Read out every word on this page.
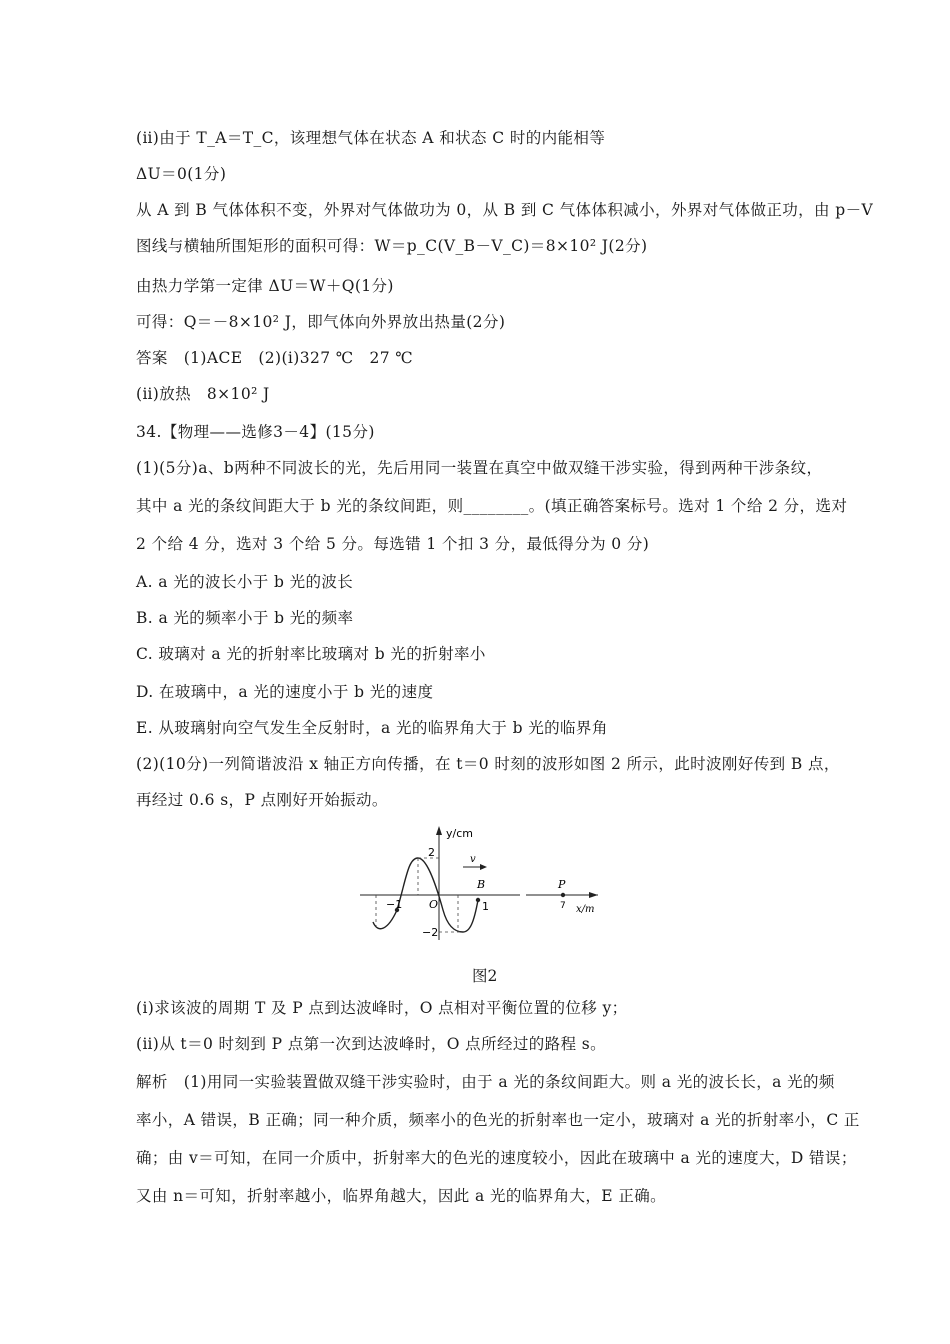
(ⅱ)由于 T_A＝T_C，该理想气体在状态 A 和状态 C 时的内能相等
ΔU＝0(1分)
从 A 到 B 气体体积不变，外界对气体做功为 0，从 B 到 C 气体体积减小，外界对气体做正功，由 p－V
图线与横轴所围矩形的面积可得：W＝p_C(V_B－V_C)＝8×10² J(2分)
由热力学第一定律 ΔU＝W＋Q(1分)
可得：Q＝－8×10² J，即气体向外界放出热量(2分)
答案　(1)ACE　(2)(ⅰ)327 ℃　27 ℃
(ⅱ)放热　8×10² J
34.【物理——选修3－4】(15分)
(1)(5分)a、b两种不同波长的光，先后用同一装置在真空中做双缝干涉实验，得到两种干涉条纹，
其中 a 光的条纹间距大于 b 光的条纹间距，则________。(填正确答案标号。选对 1 个给 2 分，选对
2 个给 4 分，选对 3 个给 5 分。每选错 1 个扣 3 分，最低得分为 0 分)
A. a 光的波长小于 b 光的波长
B. a 光的频率小于 b 光的频率
C. 玻璃对 a 光的折射率比玻璃对 b 光的折射率小
D. 在玻璃中，a 光的速度小于 b 光的速度
E. 从玻璃射向空气发生全反射时，a 光的临界角大于 b 光的临界角
(2)(10分)一列简谐波沿 x 轴正方向传播，在 t＝0 时刻的波形如图 2 所示，此时波刚好传到 B 点，
再经过 0.6 s，P 点刚好开始振动。
y/cm
2
−2
−1 O	1
B	P
7
v
x/m
图2
(ⅰ)求该波的周期 T 及 P 点到达波峰时，O 点相对平衡位置的位移 y；
(ⅱ)从 t＝0 时刻到 P 点第一次到达波峰时，O 点所经过的路程 s。
解析　(1)用同一实验装置做双缝干涉实验时，由于 a 光的条纹间距大。则 a 光的波长长，a 光的频
率小，A 错误，B 正确；同一种介质，频率小的色光的折射率也一定小，玻璃对 a 光的折射率小，C 正
确；由 v＝可知，在同一介质中，折射率大的色光的速度较小，因此在玻璃中 a 光的速度大，D 错误；
又由 n＝可知，折射率越小，临界角越大，因此 a 光的临界角大，E 正确。
